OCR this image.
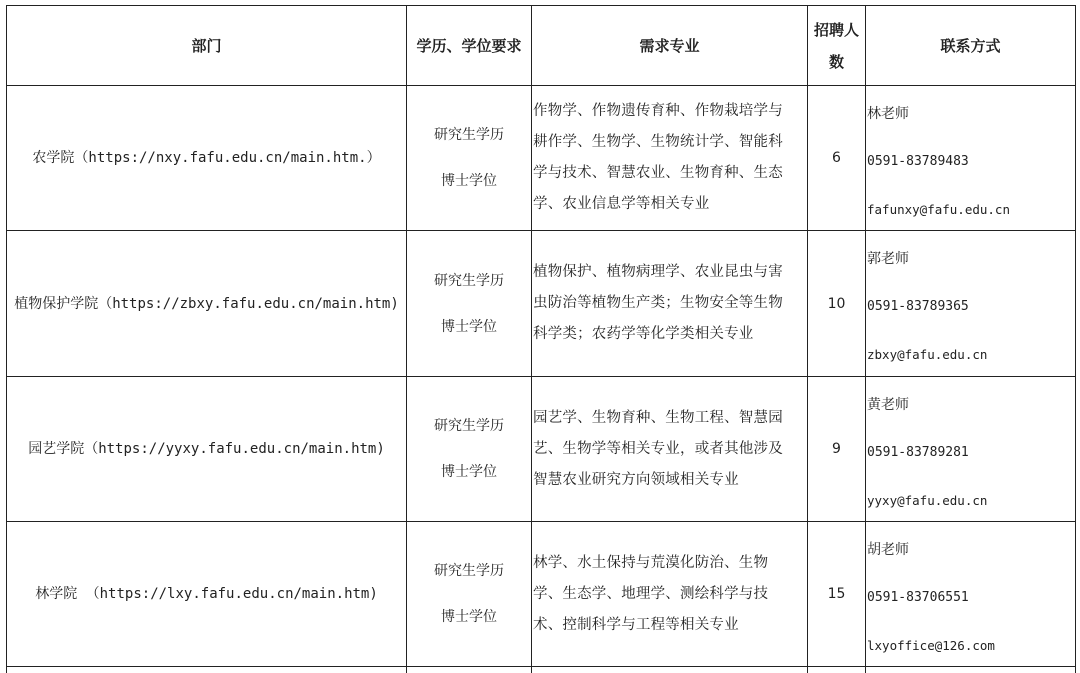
部门	学历、学位要求	需求专业
招聘人
数
联系方式
农学院（https://nxy.fafu.edu.cn/main.htm.）
研究生学历
博士学位
作物学、作物遗传育种、作物栽培学与
耕作学、生物学、生物统计学、智能科
学与技术、智慧农业、生物育种、生态
学、农业信息学等相关专业
6
林老师
0591-83789483
fafunxy@fafu.edu.cn
植物保护学院（https://zbxy.fafu.edu.cn/main.htm)
研究生学历
博士学位
植物保护、植物病理学、农业昆虫与害
虫防治等植物生产类；生物安全等生物
科学类；农药学等化学类相关专业
10
郭老师
0591-83789365
zbxy@fafu.edu.cn
园艺学院（https://yyxy.fafu.edu.cn/main.htm)
研究生学历
博士学位
园艺学、生物育种、生物工程、智慧园
艺、生物学等相关专业，或者其他涉及
智慧农业研究方向领域相关专业
9
黄老师
0591-83789281
yyxy@fafu.edu.cn
林学院 （https://lxy.fafu.edu.cn/main.htm)
研究生学历
博士学位
林学、水土保持与荒漠化防治、生物
学、生态学、地理学、测绘科学与技
术、控制科学与工程等相关专业
15
胡老师
0591-83706551
lxyoffice@126.com
